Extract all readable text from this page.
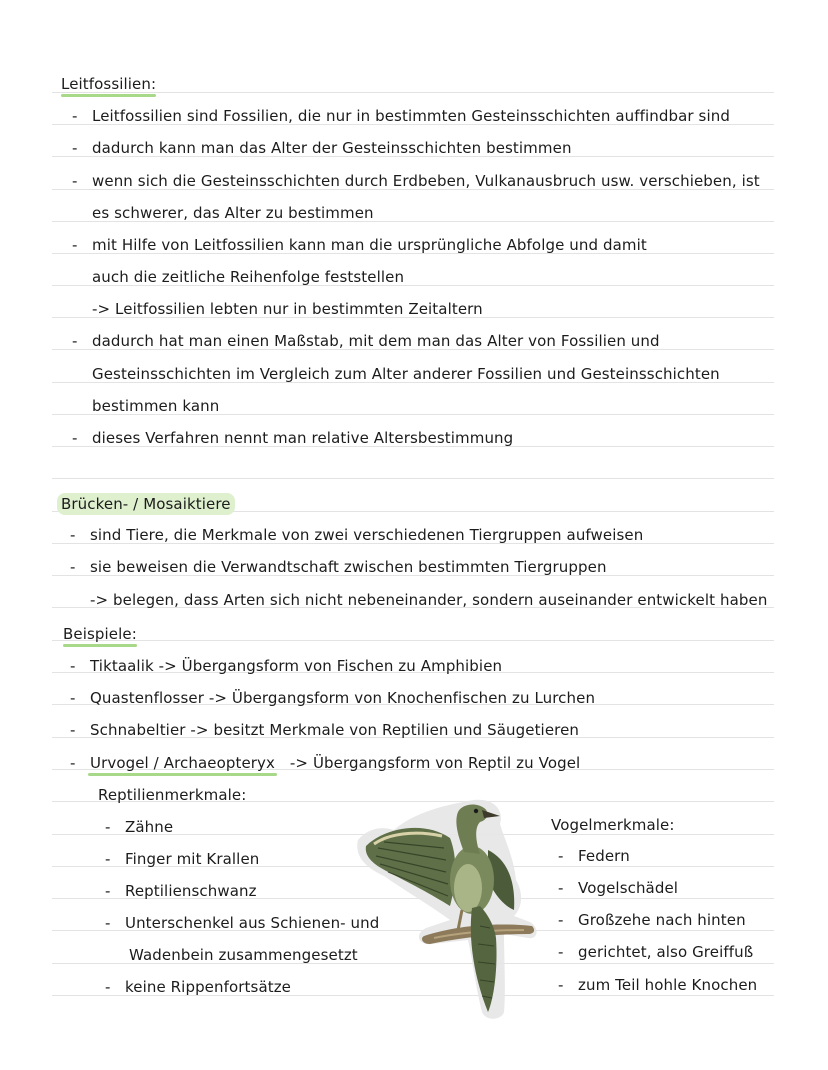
Leitfossilien:
- Leitfossilien sind Fossilien, die nur in bestimmten Gesteinsschichten auffindbar sind
- dadurch kann man das Alter der Gesteinsschichten bestimmen
- wenn sich die Gesteinsschichten durch Erdbeben, Vulkanausbruch usw. verschieben, ist
es schwerer, das Alter zu bestimmen
- mit Hilfe von Leitfossilien kann man die ursprüngliche Abfolge und damit
auch die zeitliche Reihenfolge feststellen
-> Leitfossilien lebten nur in bestimmten Zeitaltern
- dadurch hat man einen Maßstab, mit dem man das Alter von Fossilien und
Gesteinsschichten im Vergleich zum Alter anderer Fossilien und Gesteinsschichten
bestimmen kann
- dieses Verfahren nennt man relative Altersbestimmung
Brücken- / Mosaiktiere
- sind Tiere, die Merkmale von zwei verschiedenen Tiergruppen aufweisen
- sie beweisen die Verwandtschaft zwischen bestimmten Tiergruppen
-> belegen, dass Arten sich nicht nebeneinander, sondern auseinander entwickelt haben
Beispiele:
- Tiktaalik -> Übergangsform von Fischen zu Amphibien
- Quastenflosser -> Übergangsform von Knochenfischen zu Lurchen
- Schnabeltier -> besitzt Merkmale von Reptilien und Säugetieren
- Urvogel / Archaeopteryx -> Übergangsform von Reptil zu Vogel
Reptilienmerkmale:
- Zähne
- Finger mit Krallen
- Reptilienschwanz
- Unterschenkel aus Schienen- und
Wadenbein zusammengesetzt
- keine Rippenfortsätze
Vogelmerkmale:
- Federn
- Vogelschädel
- Großzehe nach hinten
- gerichtet, also Greiffuß
- zum Teil hohle Knochen
